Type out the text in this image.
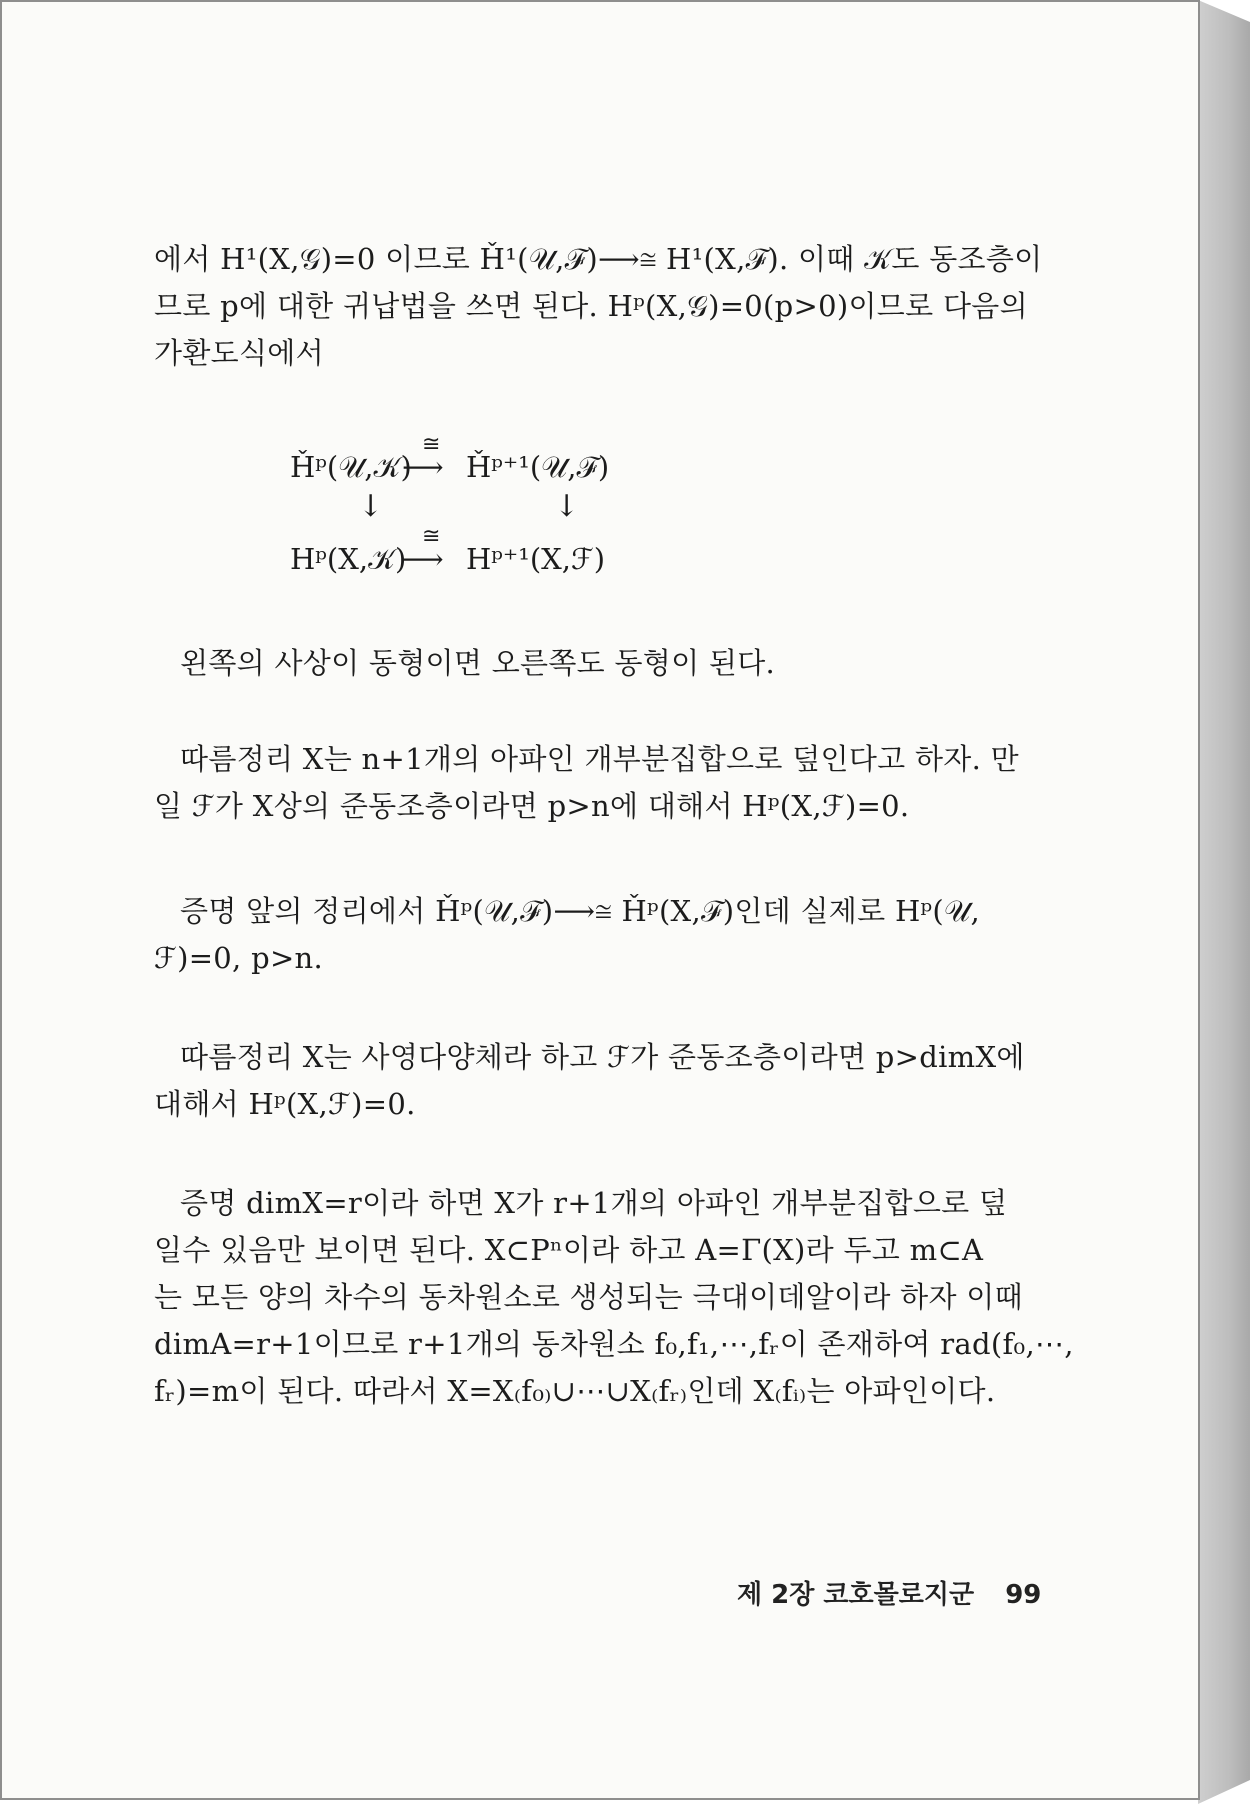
에서 H¹(X,𝒢)=0 이므로 Ȟ¹(𝒰,ℱ)⟶≅ H¹(X,ℱ). 이때 𝒦도 동조층이
므로 p에 대한 귀납법을 쓰면 된다. Hᵖ(X,𝒢)=0(p>0)이므로 다음의
가환도식에서
Ȟᵖ(𝒰,𝒦)
≅
⟶ Ȟᵖ⁺¹(𝒰,ℱ)
↓	↓
Hᵖ(X,𝒦)
≅
⟶ Hᵖ⁺¹(X,ℱ)
왼쪽의 사상이 동형이면 오른쪽도 동형이 된다.
따름정리 X는 n+1개의 아파인 개부분집합으로 덮인다고 하자. 만
일 ℱ가 X상의 준동조층이라면 p>n에 대해서 Hᵖ(X,ℱ)=0.
증명 앞의 정리에서 Ȟᵖ(𝒰,ℱ)⟶≅ Ȟᵖ(X,ℱ)인데 실제로 Hᵖ(𝒰,
ℱ)=0, p>n.
따름정리 X는 사영다양체라 하고 ℱ가 준동조층이라면 p>dimX에
대해서 Hᵖ(X,ℱ)=0.
증명 dimX=r이라 하면 X가 r+1개의 아파인 개부분집합으로 덮
일수 있음만 보이면 된다. X⊂Pⁿ이라 하고 A=Γ(X)라 두고 m⊂A
는 모든 양의 차수의 동차원소로 생성되는 극대이데알이라 하자 이때
dimA=r+1이므로 r+1개의 동차원소 f₀,f₁,⋯,fᵣ이 존재하여 rad(f₀,⋯,
fᵣ)=m이 된다. 따라서 X=X₍f₀₎∪⋯∪X₍fᵣ₎인데 X₍fᵢ₎는 아파인이다.
제 2장 코호몰로지군 99
